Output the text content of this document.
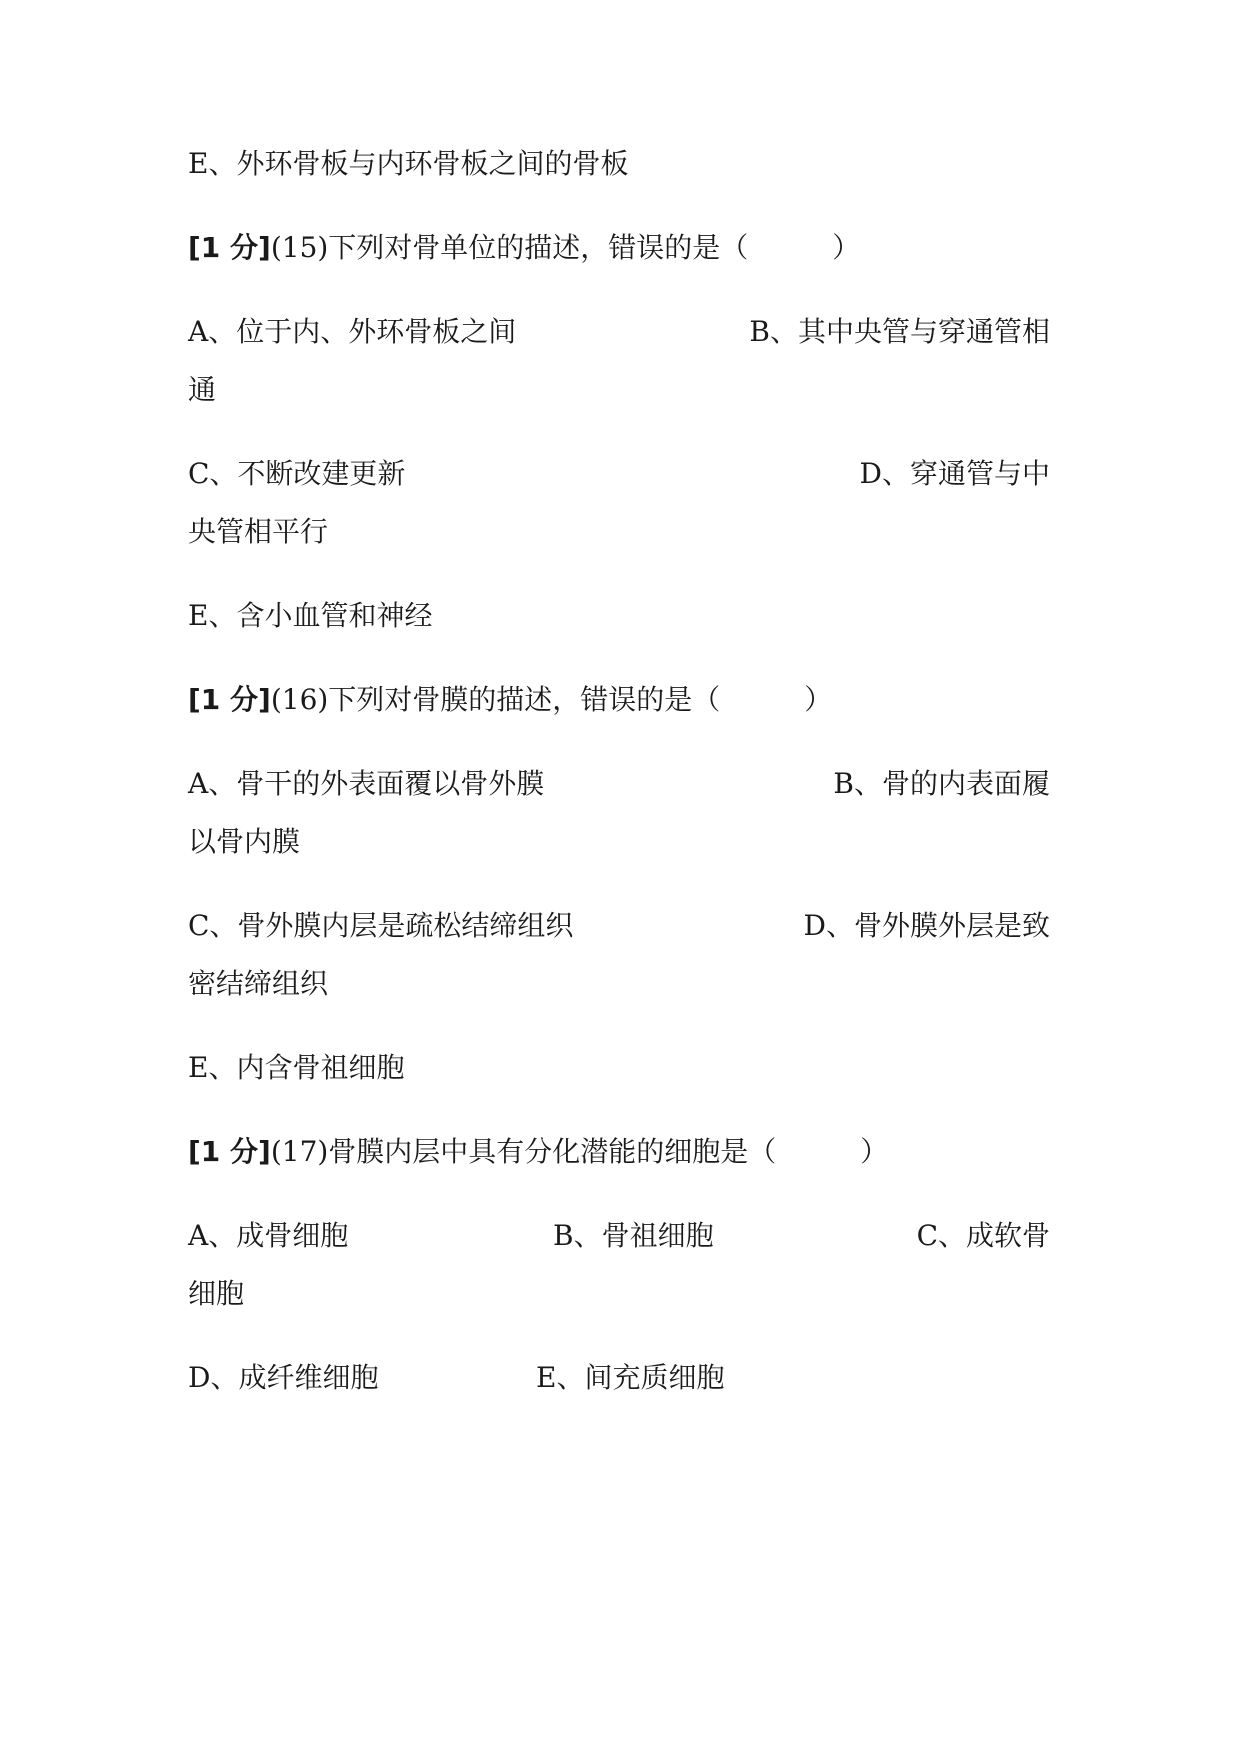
E、外环骨板与内环骨板之间的骨板

[1 分](15)下列对骨单位的描述，错误的是（　　　）

A、位于内、外环骨板之间	B、其中央管与穿通管相

通

C、不断改建更新	D、穿通管与中

央管相平行

E、含小血管和神经

[1 分](16)下列对骨膜的描述，错误的是（　　　）

A、骨干的外表面覆以骨外膜	B、骨的内表面履

以骨内膜

C、骨外膜内层是疏松结缔组织	D、骨外膜外层是致

密结缔组织

E、内含骨祖细胞

[1 分](17)骨膜内层中具有分化潜能的细胞是（　　　）

A、成骨细胞	B、骨祖细胞	C、成软骨

细胞

D、成纤维细胞	E、间充质细胞
